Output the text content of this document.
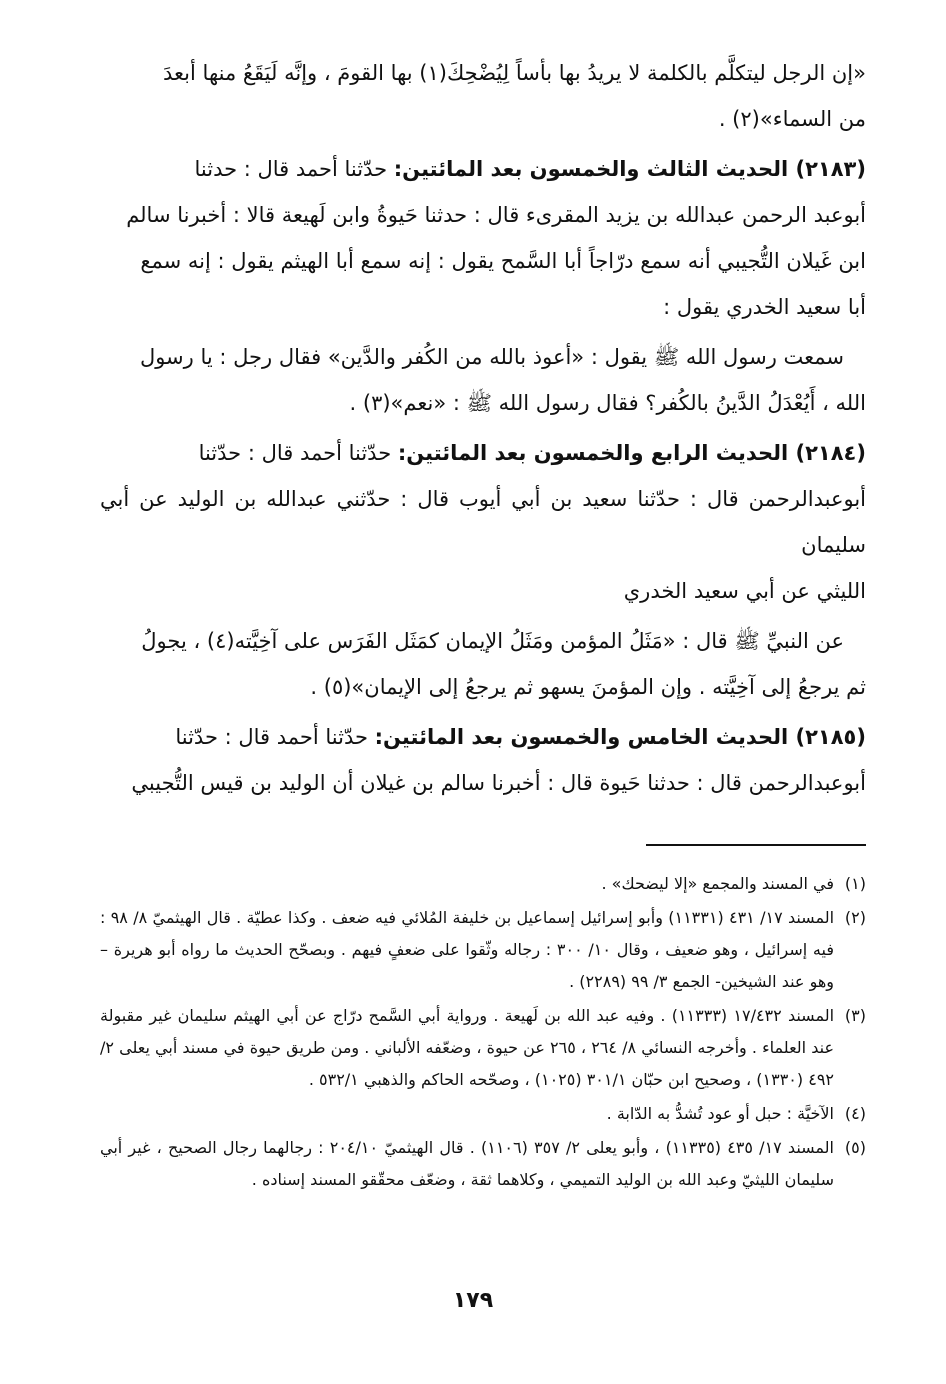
«إن الرجل ليتكلَّم بالكلمة لا يريدُ بها بأساً لِيُضْحِكَ(١) بها القومَ ، وإنَّه لَيَقَعُ منها أبعدَ

من السماء»(٢) .

(٢١٨٣) الحديث الثالث والخمسون بعد المائتين: حدّثنا أحمد قال : حدثنا

أبوعبد الرحمن عبدالله بن يزيد المقرىء قال : حدثنا حَيوةُ وابن لَهيعة قالا : أخبرنا سالم

ابن غَيلان التُّجيبي أنه سمع درّاجاً أبا السَّمح يقول : إنه سمع أبا الهيثم يقول : إنه سمع

أبا سعيد الخدري يقول :

سمعت رسول الله ﷺ يقول : «أعوذ بالله من الكُفر والدَّين» فقال رجل : يا رسول

الله ، أَيُعْدَلُ الدَّينُ بالكُفر؟ فقال رسول الله ﷺ : «نعم»(٣) .

(٢١٨٤) الحديث الرابع والخمسون بعد المائتين: حدّثنا أحمد قال : حدّثنا

أبوعبدالرحمن قال : حدّثنا سعيد بن أبي أيوب قال : حدّثني عبدالله بن الوليد عن أبي سليمان

الليثي عن أبي سعيد الخدري

عن النبيِّ ﷺ قال : «مَثَلُ المؤمن ومَثَلُ الإيمان كمَثَل الفَرَس على آخِيَّته(٤) ، يجولُ

ثم يرجعُ إلى آخِيَّته . وإن المؤمنَ يسهو ثم يرجعُ إلى الإيمان»(٥) .

(٢١٨٥) الحديث الخامس والخمسون بعد المائتين: حدّثنا أحمد قال : حدّثنا

أبوعبدالرحمن قال : حدثنا حَيوة قال : أخبرنا سالم بن غيلان أن الوليد بن قيس التُّجيبي

(١)
في المسند والمجمع «إلا ليضحك» .
(٢)
المسند ١٧/ ٤٣١ (١١٣٣١) وأبو إسرائيل إسماعيل بن خليفة المُلائي فيه ضعف . وكذا عطيّة . قال الهيثميّ ٨/ ٩٨ : فيه إسرائيل ، وهو ضعيف ، وقال ١٠/ ٣٠٠ : رجاله وثّقوا على ضعفٍ فيهم . وبصحّح الحديث ما رواه أبو هريرة – وهو عند الشيخين- الجمع ٣/ ٩٩ (٢٢٨٩) .
(٣)
المسند ١٧/٤٣٢ (١١٣٣٣) . وفيه عبد الله بن لَهيعة . ورواية أبي السَّمح درّاج عن أبي الهيثم سليمان غير مقبولة عند العلماء . وأخرجه النسائي ٨/ ٢٦٤ ، ٢٦٥ عن حيوة ، وضعّفه الألباني . ومن طريق حيوة في مسند أبي يعلى ٢/ ٤٩٢ (١٣٣٠) ، وصحيح ابن حبّان ٣٠١/١ (١٠٢٥) ، وصحّحه الحاكم والذهبي ٥٣٢/١ .
(٤)
الآخيَّة : حبل أو عود تُشدُّ به الدّابة .
(٥)
المسند ١٧/ ٤٣٥ (١١٣٣٥) ، وأبو يعلى ٢/ ٣٥٧ (١١٠٦) . قال الهيثميّ ٢٠٤/١٠ : رجالهما رجال الصحيح ، غير أبي سليمان الليثيّ وعبد الله بن الوليد التميمي ، وكلاهما ثقة ، وضعّف محقّقو المسند إسناده .
١٧٩
